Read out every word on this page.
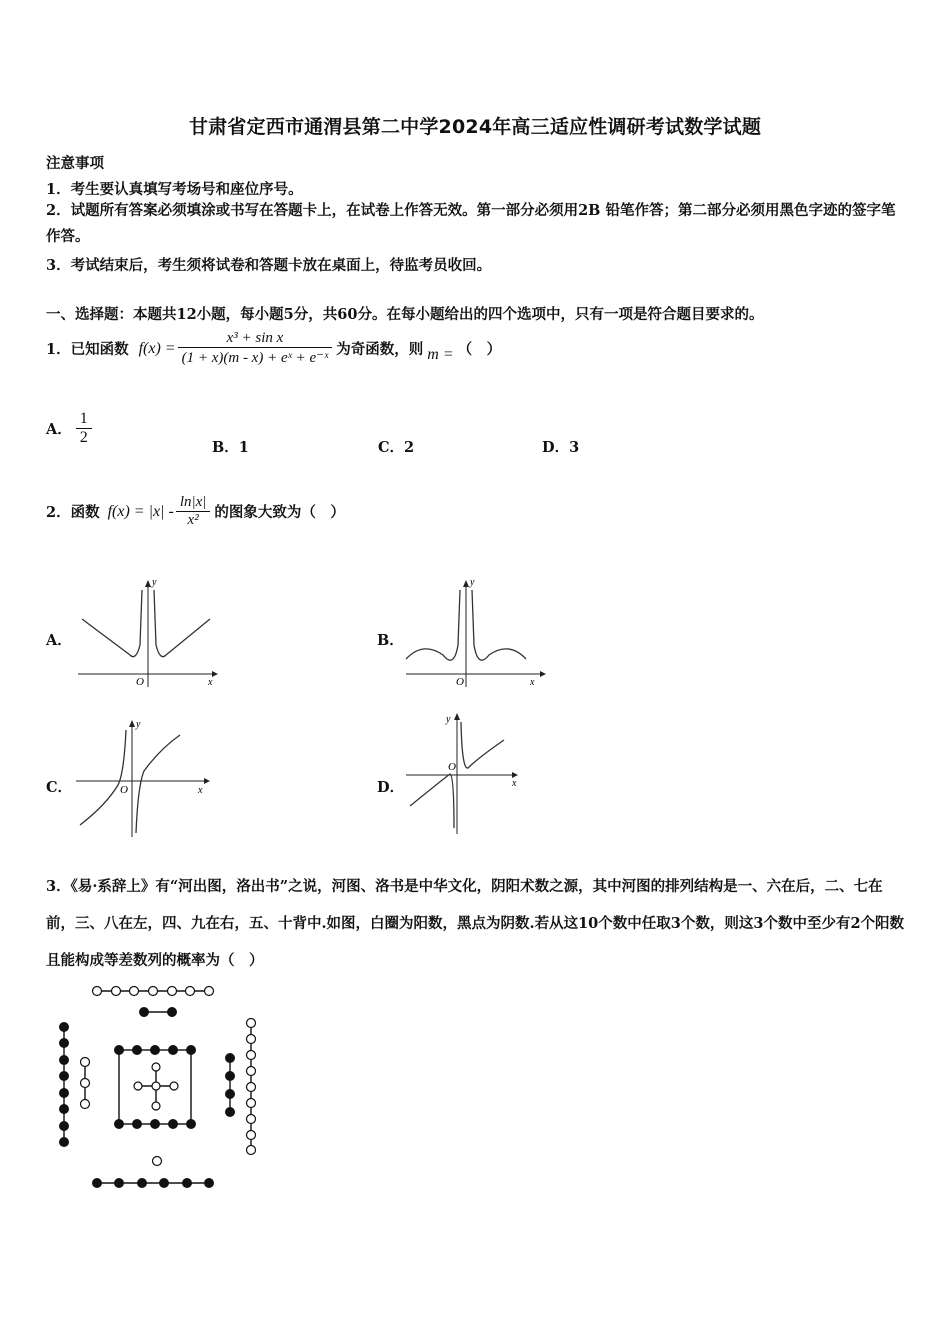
甘肃省定西市通渭县第二中学2024年高三适应性调研考试数学试题
注意事项
1．考生要认真填写考场号和座位序号。
2．试题所有答案必须填涂或书写在答题卡上，在试卷上作答无效。第一部分必须用2B 铅笔作答；第二部分必须用黑色字迹的签字笔作答。
3．考试结束后，考生须将试卷和答题卡放在桌面上，待监考员收回。
一、选择题：本题共12小题，每小题5分，共60分。在每小题给出的四个选项中，只有一项是符合题目要求的。
1．已知函数 $f(x) = \frac{\text{x³ + sin x}}{\text{(1 + x)(m - x) + eˣ + e⁻ˣ}}$ 为奇函数，则 m = （　）
A． $\frac{1}{2}$
B．1	C．2	D．3
2．函数 $f(x) = |x| - \frac{\ln|x|}{\text{x²}}$ 的图象大致为（　）
A．
y
x
O
B．
y
x
O
C．
y
x
O	D．
y
x
O
3．《易·系辞上》有“河出图，洛出书”之说，河图、洛书是中华文化，阴阳术数之源，其中河图的排列结构是一、六在后，二、七在前，三、八在左，四、九在右，五、十背中.如图，白圈为阳数，黑点为阴数.若从这10个数中任取3个数，则这3个数中至少有2个阳数且能构成等差数列的概率为（　）
